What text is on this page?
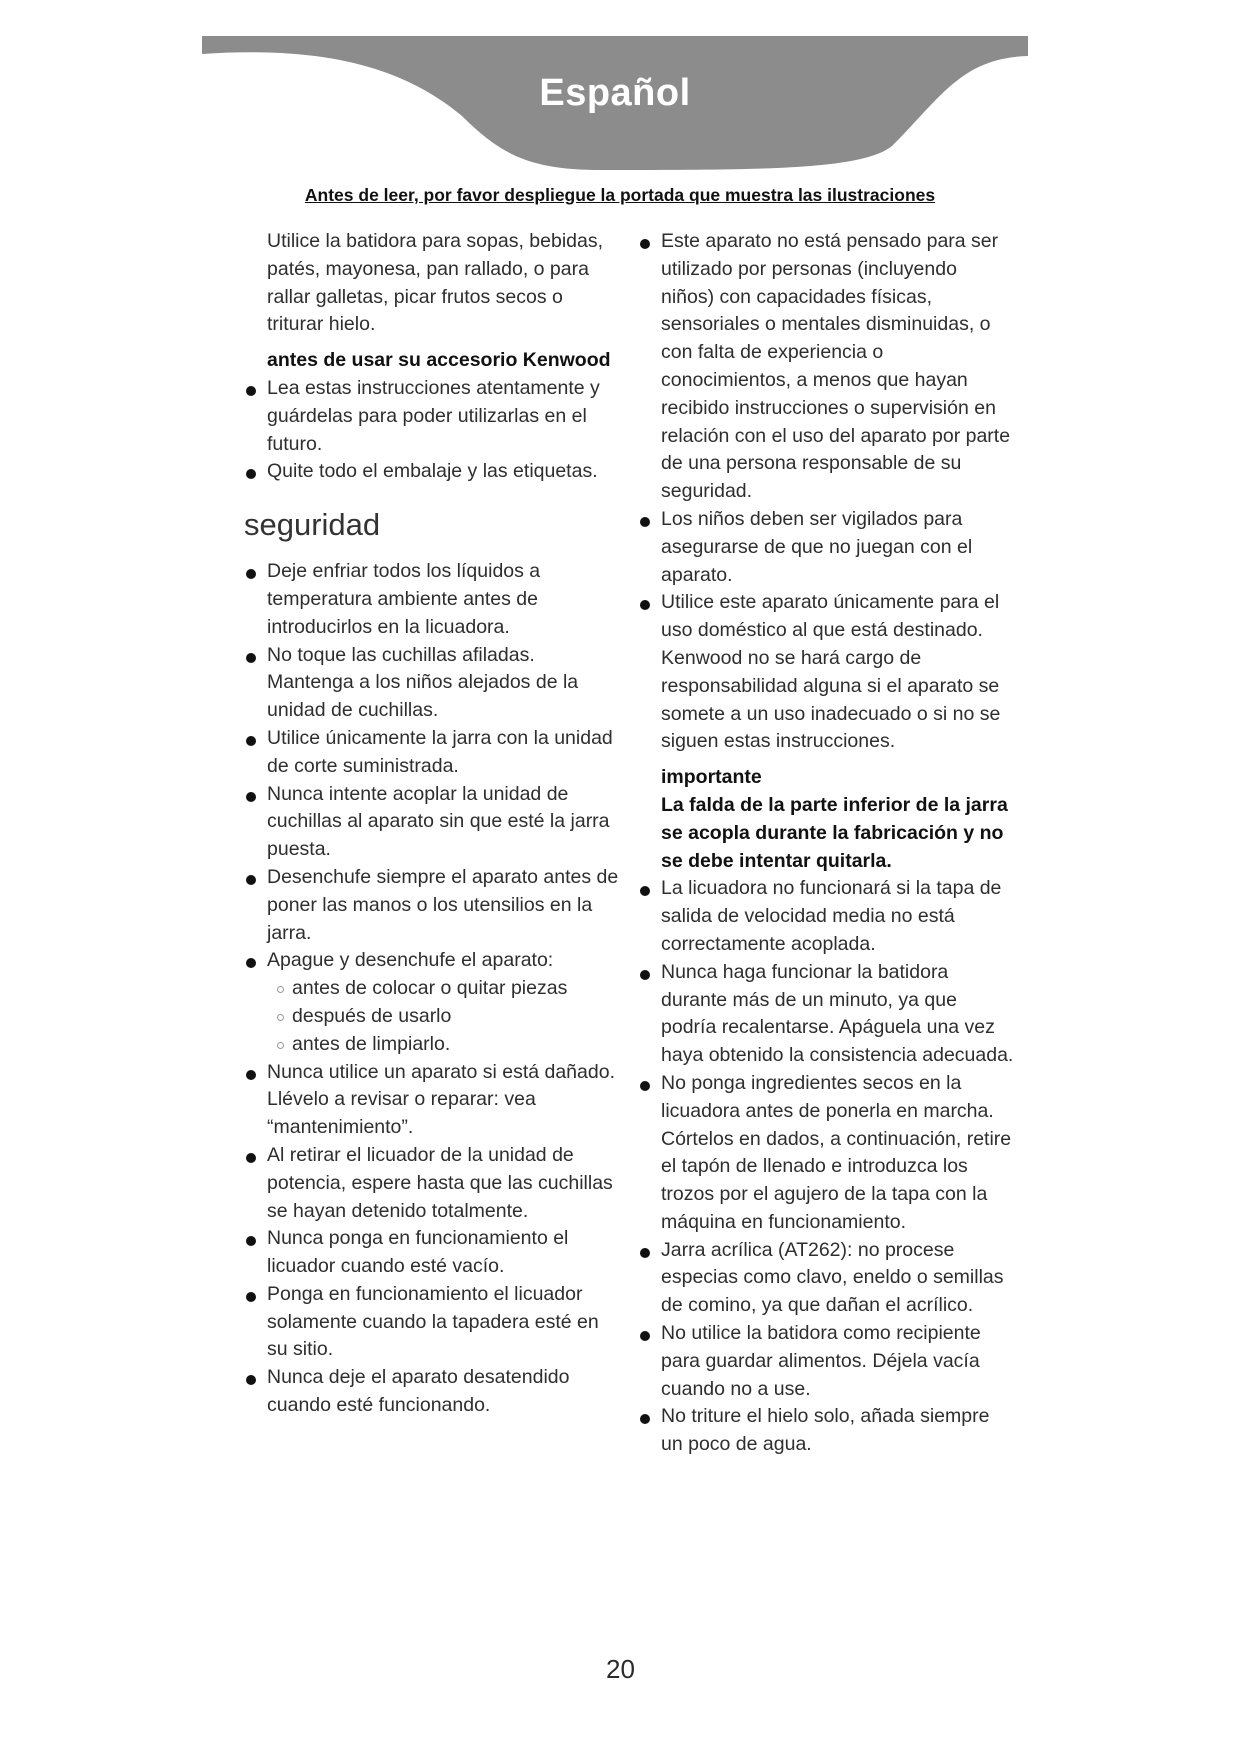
Español
Antes de leer, por favor despliegue la portada que muestra las ilustraciones

Utilice la batidora para sopas, bebidas, patés, mayonesa, pan rallado, o para rallar galletas, picar frutos secos o triturar hielo.

antes de usar su accesorio Kenwood

Lea estas instrucciones atentamente y guárdelas para poder utilizarlas en el futuro.
Quite todo el embalaje y las etiquetas.
seguridad
Deje enfriar todos los líquidos a temperatura ambiente antes de introducirlos en la licuadora.
No toque las cuchillas afiladas. Mantenga a los niños alejados de la unidad de cuchillas.
Utilice únicamente la jarra con la unidad de corte suministrada.
Nunca intente acoplar la unidad de cuchillas al aparato sin que esté la jarra puesta.
Desenchufe siempre el aparato antes de poner las manos o los utensilios en la jarra.
Apague y desenchufe el aparato:
antes de colocar o quitar piezas
después de usarlo
antes de limpiarlo.
Nunca utilice un aparato si está dañado. Llévelo a revisar o reparar: vea “mantenimiento”.
Al retirar el licuador de la unidad de potencia, espere hasta que las cuchillas se hayan detenido totalmente.
Nunca ponga en funcionamiento el licuador cuando esté vacío.
Ponga en funcionamiento el licuador solamente cuando la tapadera esté en su sitio.
Nunca deje el aparato desatendido cuando esté funcionando.
Este aparato no está pensado para ser utilizado por personas (incluyendo niños) con capacidades físicas, sensoriales o mentales disminuidas, o con falta de experiencia o conocimientos, a menos que hayan recibido instrucciones o supervisión en relación con el uso del aparato por parte de una persona responsable de su seguridad.
Los niños deben ser vigilados para asegurarse de que no juegan con el aparato.
Utilice este aparato únicamente para el uso doméstico al que está destinado. Kenwood no se hará cargo de responsabilidad alguna si el aparato se somete a un uso inadecuado o si no se siguen estas instrucciones.

importante

La falda de la parte inferior de la jarra se acopla durante la fabricación y no se debe intentar quitarla.

La licuadora no funcionará si la tapa de salida de velocidad media no está correctamente acoplada.
Nunca haga funcionar la batidora durante más de un minuto, ya que podría recalentarse. Apáguela una vez haya obtenido la consistencia adecuada.
No ponga ingredientes secos en la licuadora antes de ponerla en marcha. Córtelos en dados, a continuación, retire el tapón de llenado e introduzca los trozos por el agujero de la tapa con la máquina en funcionamiento.
Jarra acrílica (AT262): no procese especias como clavo, eneldo o semillas de comino, ya que dañan el acrílico.
No utilice la batidora como recipiente para guardar alimentos. Déjela vacía cuando no a use.
No triture el hielo solo, añada siempre un poco de agua.
20
